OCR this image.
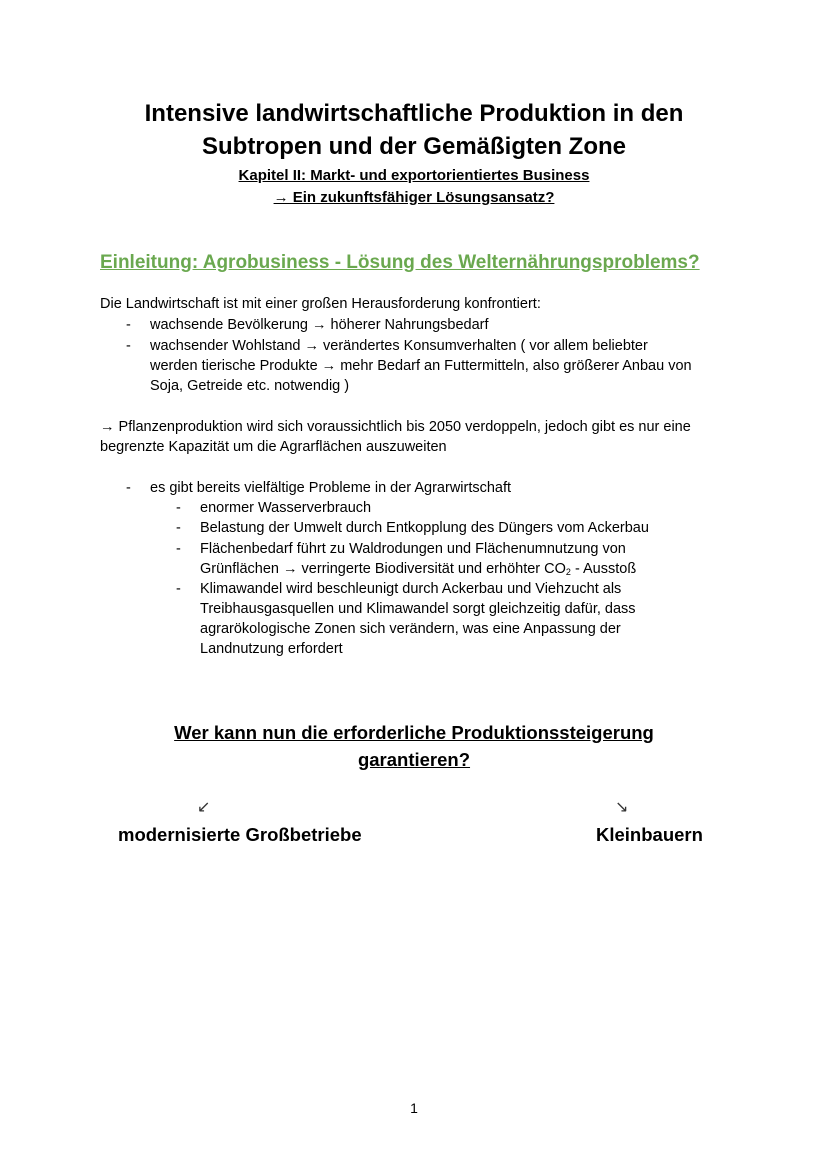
Intensive landwirtschaftliche Produktion in den
Subtropen und der Gemäßigten Zone
Kapitel II: Markt- und exportorientiertes Business
→ Ein zukunftsfähiger Lösungsansatz?
Einleitung: Agrobusiness - Lösung des Welternährungsproblems?
Die Landwirtschaft ist mit einer großen Herausforderung konfrontiert:
- wachsende Bevölkerung → höherer Nahrungsbedarf
- wachsender Wohlstand → verändertes Konsumverhalten ( vor allem beliebter
werden tierische Produkte → mehr Bedarf an Futtermitteln, also größerer Anbau von
Soja, Getreide etc. notwendig )
→ Pflanzenproduktion wird sich voraussichtlich bis 2050 verdoppeln, jedoch gibt es nur eine
begrenzte Kapazität um die Agrarflächen auszuweiten
- es gibt bereits vielfältige Probleme in der Agrarwirtschaft
- enormer Wasserverbrauch
- Belastung der Umwelt durch Entkopplung des Düngers vom Ackerbau
- Flächenbedarf führt zu Waldrodungen und Flächenumnutzung von
Grünflächen → verringerte Biodiversität und erhöhter $CO_2$ - Ausstoß
- Klimawandel wird beschleunigt durch Ackerbau und Viehzucht als
Treibhausgasquellen und Klimawandel sorgt gleichzeitig dafür, dass
agrarökologische Zonen sich verändern, was eine Anpassung der
Landnutzung erfordert
Wer kann nun die erforderliche Produktionssteigerung
garantieren?
↙	↘
modernisierte Großbetriebe	Kleinbauern
1
